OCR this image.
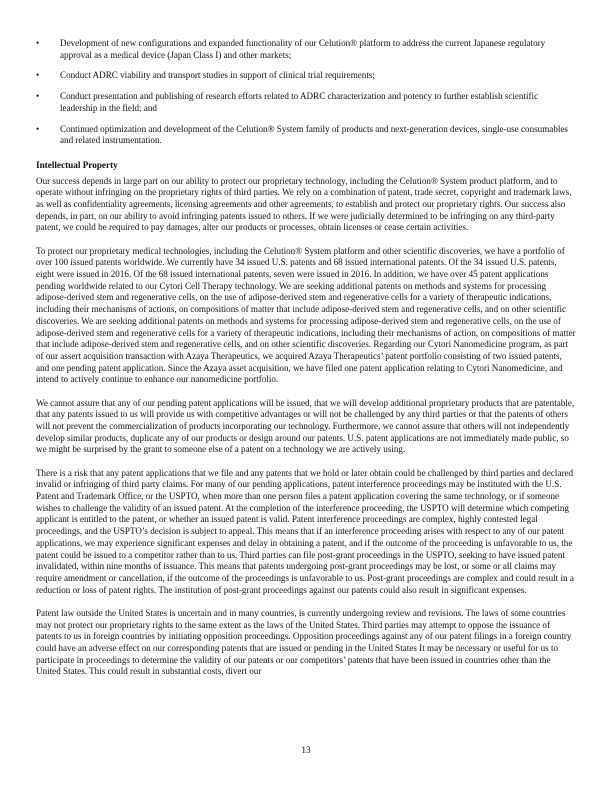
• Development of new configurations and expanded functionality of our Celution® platform to address the current Japanese regulatory approval as a medical device (Japan Class I) and other markets;
• Conduct ADRC viability and transport studies in support of clinical trial requirements;
• Conduct presentation and publishing of research efforts related to ADRC characterization and potency to further establish scientific leadership in the field; and
• Continued optimization and development of the Celution® System family of products and next-generation devices, single-use consumables and related instrumentation.
Intellectual Property

Our success depends in large part on our ability to protect our proprietary technology, including the Celution® System product platform, and to operate without infringing on the proprietary rights of third parties. We rely on a combination of patent, trade secret, copyright and trademark laws, as well as confidentiality agreements, licensing agreements and other agreements, to establish and protect our proprietary rights. Our success also depends, in part, on our ability to avoid infringing patents issued to others. If we were judicially determined to be infringing on any third-party patent, we could be required to pay damages, alter our products or processes, obtain licenses or cease certain activities.

To protect our proprietary medical technologies, including the Celution® System platform and other scientific discoveries, we have a portfolio of over 100 issued patents worldwide. We currently have 34 issued U.S. patents and 68 issued international patents. Of the 34 issued U.S. patents, eight were issued in 2016. Of the 68 issued international patents, seven were issued in 2016. In addition, we have over 45 patent applications pending worldwide related to our Cytori Cell Therapy technology. We are seeking additional patents on methods and systems for processing adipose-derived stem and regenerative cells, on the use of adipose-derived stem and regenerative cells for a variety of therapeutic indications, including their mechanisms of actions, on compositions of matter that include adipose-derived stem and regenerative cells, and on other scientific discoveries. We are seeking additional patents on methods and systems for processing adipose-derived stem and regenerative cells, on the use of adipose-derived stem and regenerative cells for a variety of therapeutic indications, including their mechanisms of action, on compositions of matter that include adipose-derived stem and regenerative cells, and on other scientific discoveries. Regarding our Cytori Nanomedicine program, as part of our assert acquisition transaction with Azaya Therapeutics, we acquired Azaya Therapeutics’ patent portfolio consisting of two issued patents, and one pending patent application. Since the Azaya asset acquisition, we have filed one patent application relating to Cytori Nanomedicine, and intend to actively continue to enhance our nanomedicine portfolio.

We cannot assure that any of our pending patent applications will be issued, that we will develop additional proprietary products that are patentable, that any patents issued to us will provide us with competitive advantages or will not be challenged by any third parties or that the patents of others will not prevent the commercialization of products incorporating our technology. Furthermore, we cannot assure that others will not independently develop similar products, duplicate any of our products or design around our patents. U.S. patent applications are not immediately made public, so we might be surprised by the grant to someone else of a patent on a technology we are actively using.

There is a risk that any patent applications that we file and any patents that we hold or later obtain could be challenged by third parties and declared invalid or infringing of third party claims. For many of our pending applications, patent interference proceedings may be instituted with the U.S. Patent and Trademark Office, or the USPTO, when more than one person files a patent application covering the same technology, or if someone wishes to challenge the validity of an issued patent. At the completion of the interference proceeding, the USPTO will determine which competing applicant is entitled to the patent, or whether an issued patent is valid. Patent interference proceedings are complex, highly contested legal proceedings, and the USPTO’s decision is subject to appeal. This means that if an interference proceeding arises with respect to any of our patent applications, we may experience significant expenses and delay in obtaining a patent, and if the outcome of the proceeding is unfavorable to us, the patent could be issued to a competitor rather than to us. Third parties can file post-grant proceedings in the USPTO, seeking to have issued patent invalidated, within nine months of issuance. This means that patents undergoing post-grant proceedings may be lost, or some or all claims may require amendment or cancellation, if the outcome of the proceedings is unfavorable to us. Post-grant proceedings are complex and could result in a reduction or loss of patent rights. The institution of post-grant proceedings against our patents could also result in significant expenses.

Patent law outside the United States is uncertain and in many countries, is currently undergoing review and revisions. The laws of some countries may not protect our proprietary rights to the same extent as the laws of the United States. Third parties may attempt to oppose the issuance of patents to us in foreign countries by initiating opposition proceedings. Opposition proceedings against any of our patent filings in a foreign country could have an adverse effect on our corresponding patents that are issued or pending in the United States It may be necessary or useful for us to participate in proceedings to determine the validity of our patents or our competitors’ patents that have been issued in countries other than the United States. This could result in substantial costs, divert our

13
